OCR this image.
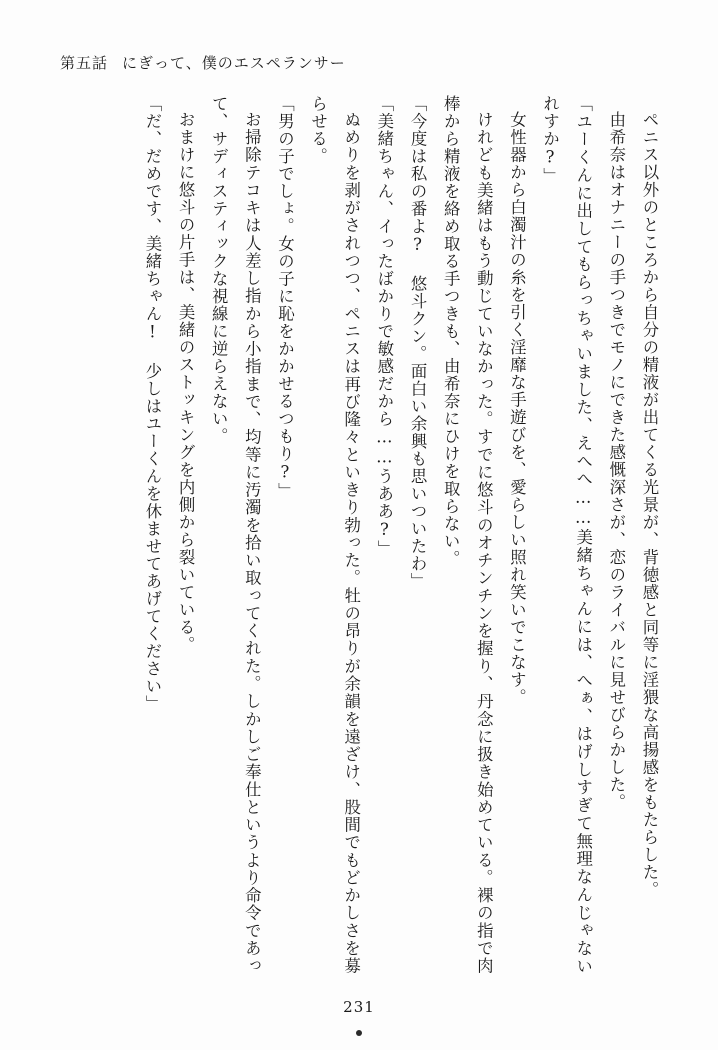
第五話 にぎって、僕のエスペランサー

ペニス以外のところから自分の精液が出てくる光景が、背徳感と同等に淫猥な高揚感をもたらした。

由希奈はオナニーの手つきでモノにできた感慨深さが、恋のライバルに見せびらかした。

「ユーくんに出してもらっちゃいました、えへへ……美緒ちゃんには、へぁ、はげしすぎて無理なんじゃないれすか?」

女性器から白濁汁の糸を引く淫靡な手遊びを、愛らしい照れ笑いでこなす。

けれども美緒はもう動じていなかった。すでに悠斗のオチンチンを握り、丹念に扱き始めている。裸の指で肉棒から精液を絡め取る手つきも、由希奈にひけを取らない。

「今度は私の番よ? 悠斗クン。面白い余興も思いついたわ」

「美緒ちゃん、イったばかりで敏感だから……うああ?」

ぬめりを剥がされつつ、ペニスは再び隆々といきり勃った。牡の昂りが余韻を遠ざけ、股間でもどかしさを募らせる。

「男の子でしょ。女の子に恥をかかせるつもり?」

お掃除テコキは人差し指から小指まで、均等に汚濁を拾い取ってくれた。しかしご奉仕というより命令であって、サディスティックな視線に逆らえない。

おまけに悠斗の片手は、美緒のストッキングを内側から裂いている。

「だ、だめです、美緒ちゃん! 少しはユーくんを休ませてあげてください」

231
